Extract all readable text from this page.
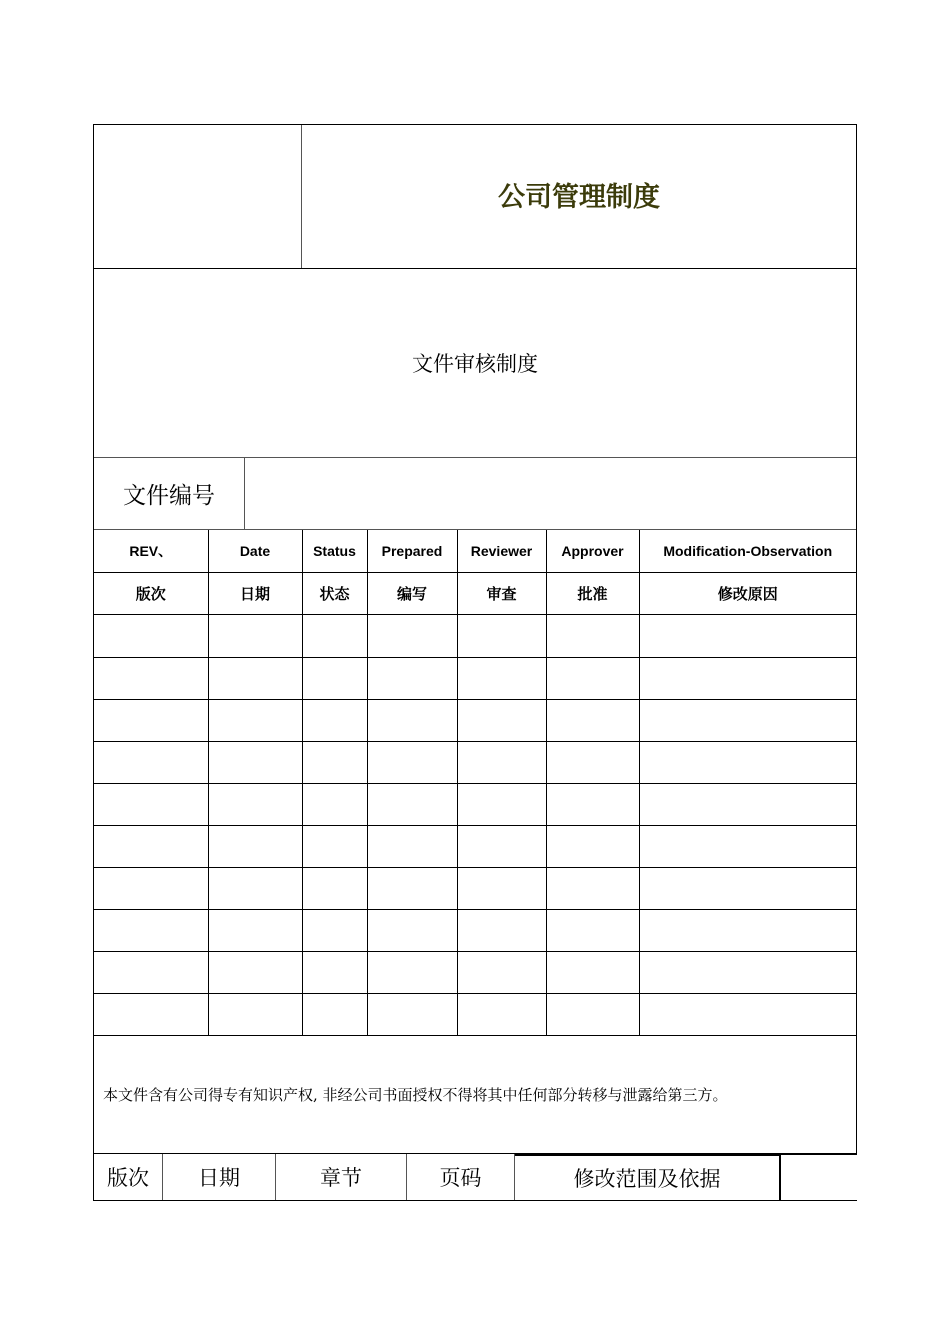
公司管理制度
文件审核制度
文件编号
REV、	Date	Status	Prepared	Reviewer	Approver	Modification-Observation
版次	日期	状态	编写	审查	批准	修改原因

本文件含有公司得专有知识产权, 非经公司书面授权不得将其中任何部分转移与泄露给第三方。
版次	日期	章节	页码	修改范围及依据
